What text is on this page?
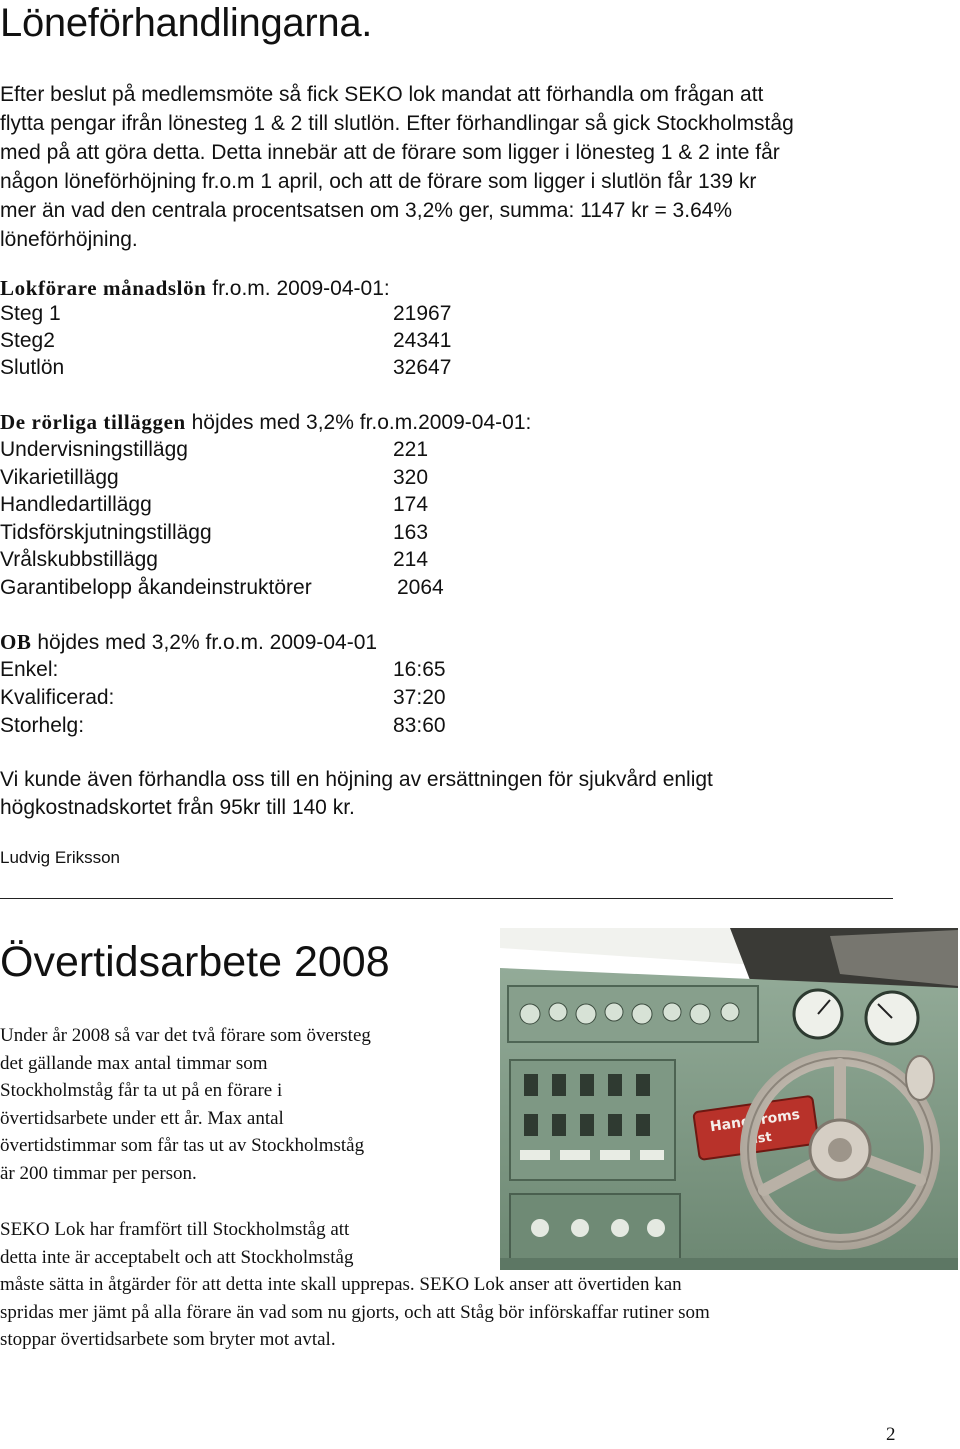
Löneförhandlingarna.
Efter beslut på medlemsmöte så fick SEKO lok mandat att förhandla om frågan att
flytta pengar ifrån lönesteg 1 & 2 till slutlön. Efter förhandlingar så gick Stockholmståg
med på att göra detta. Detta innebär att de förare som ligger i lönesteg 1 & 2 inte får
någon löneförhöjning fr.o.m 1 april, och att de förare som ligger i slutlön får 139 kr
mer än vad den centrala procentsatsen om 3,2% ger, summa: 1147 kr = 3.64%
löneförhöjning.
Lokförare månadslön fr.o.m. 2009-04-01:
Steg 1	21967
Steg2	24341
Slutlön	32647
De rörliga tilläggen höjdes med 3,2% fr.o.m.2009-04-01:
Undervisningstillägg	221
Vikarietillägg	320
Handledartillägg	174
Tidsförskjutningstillägg	163
Vrålskubbstillägg	214
Garantibelopp åkandeinstruktörer	2064
OB höjdes med 3,2% fr.o.m. 2009-04-01
Enkel:	16:65
Kvalificerad:	37:20
Storhelg:	83:60
Vi kunde även förhandla oss till en höjning av ersättningen för sjukvård enligt
högkostnadskortet från 95kr till 140 kr.
Ludvig Eriksson
Övertidsarbete 2008
Under år 2008 så var det två förare som översteg
det gällande max antal timmar som
Stockholmståg får ta ut på en förare i
övertidsarbete under ett år. Max antal
övertidstimmar som får tas ut av Stockholmståg
är 200 timmar per person.
SEKO Lok har framfört till Stockholmståg att
detta inte är acceptabelt och att Stockholmståg
måste sätta in åtgärder för att detta inte skall upprepas. SEKO Lok anser att övertiden kan
spridas mer jämt på alla förare än vad som nu gjorts, och att Ståg bör införskaffar rutiner som
stoppar övertidsarbete som bryter mot avtal.
Handbroms
fast
2
